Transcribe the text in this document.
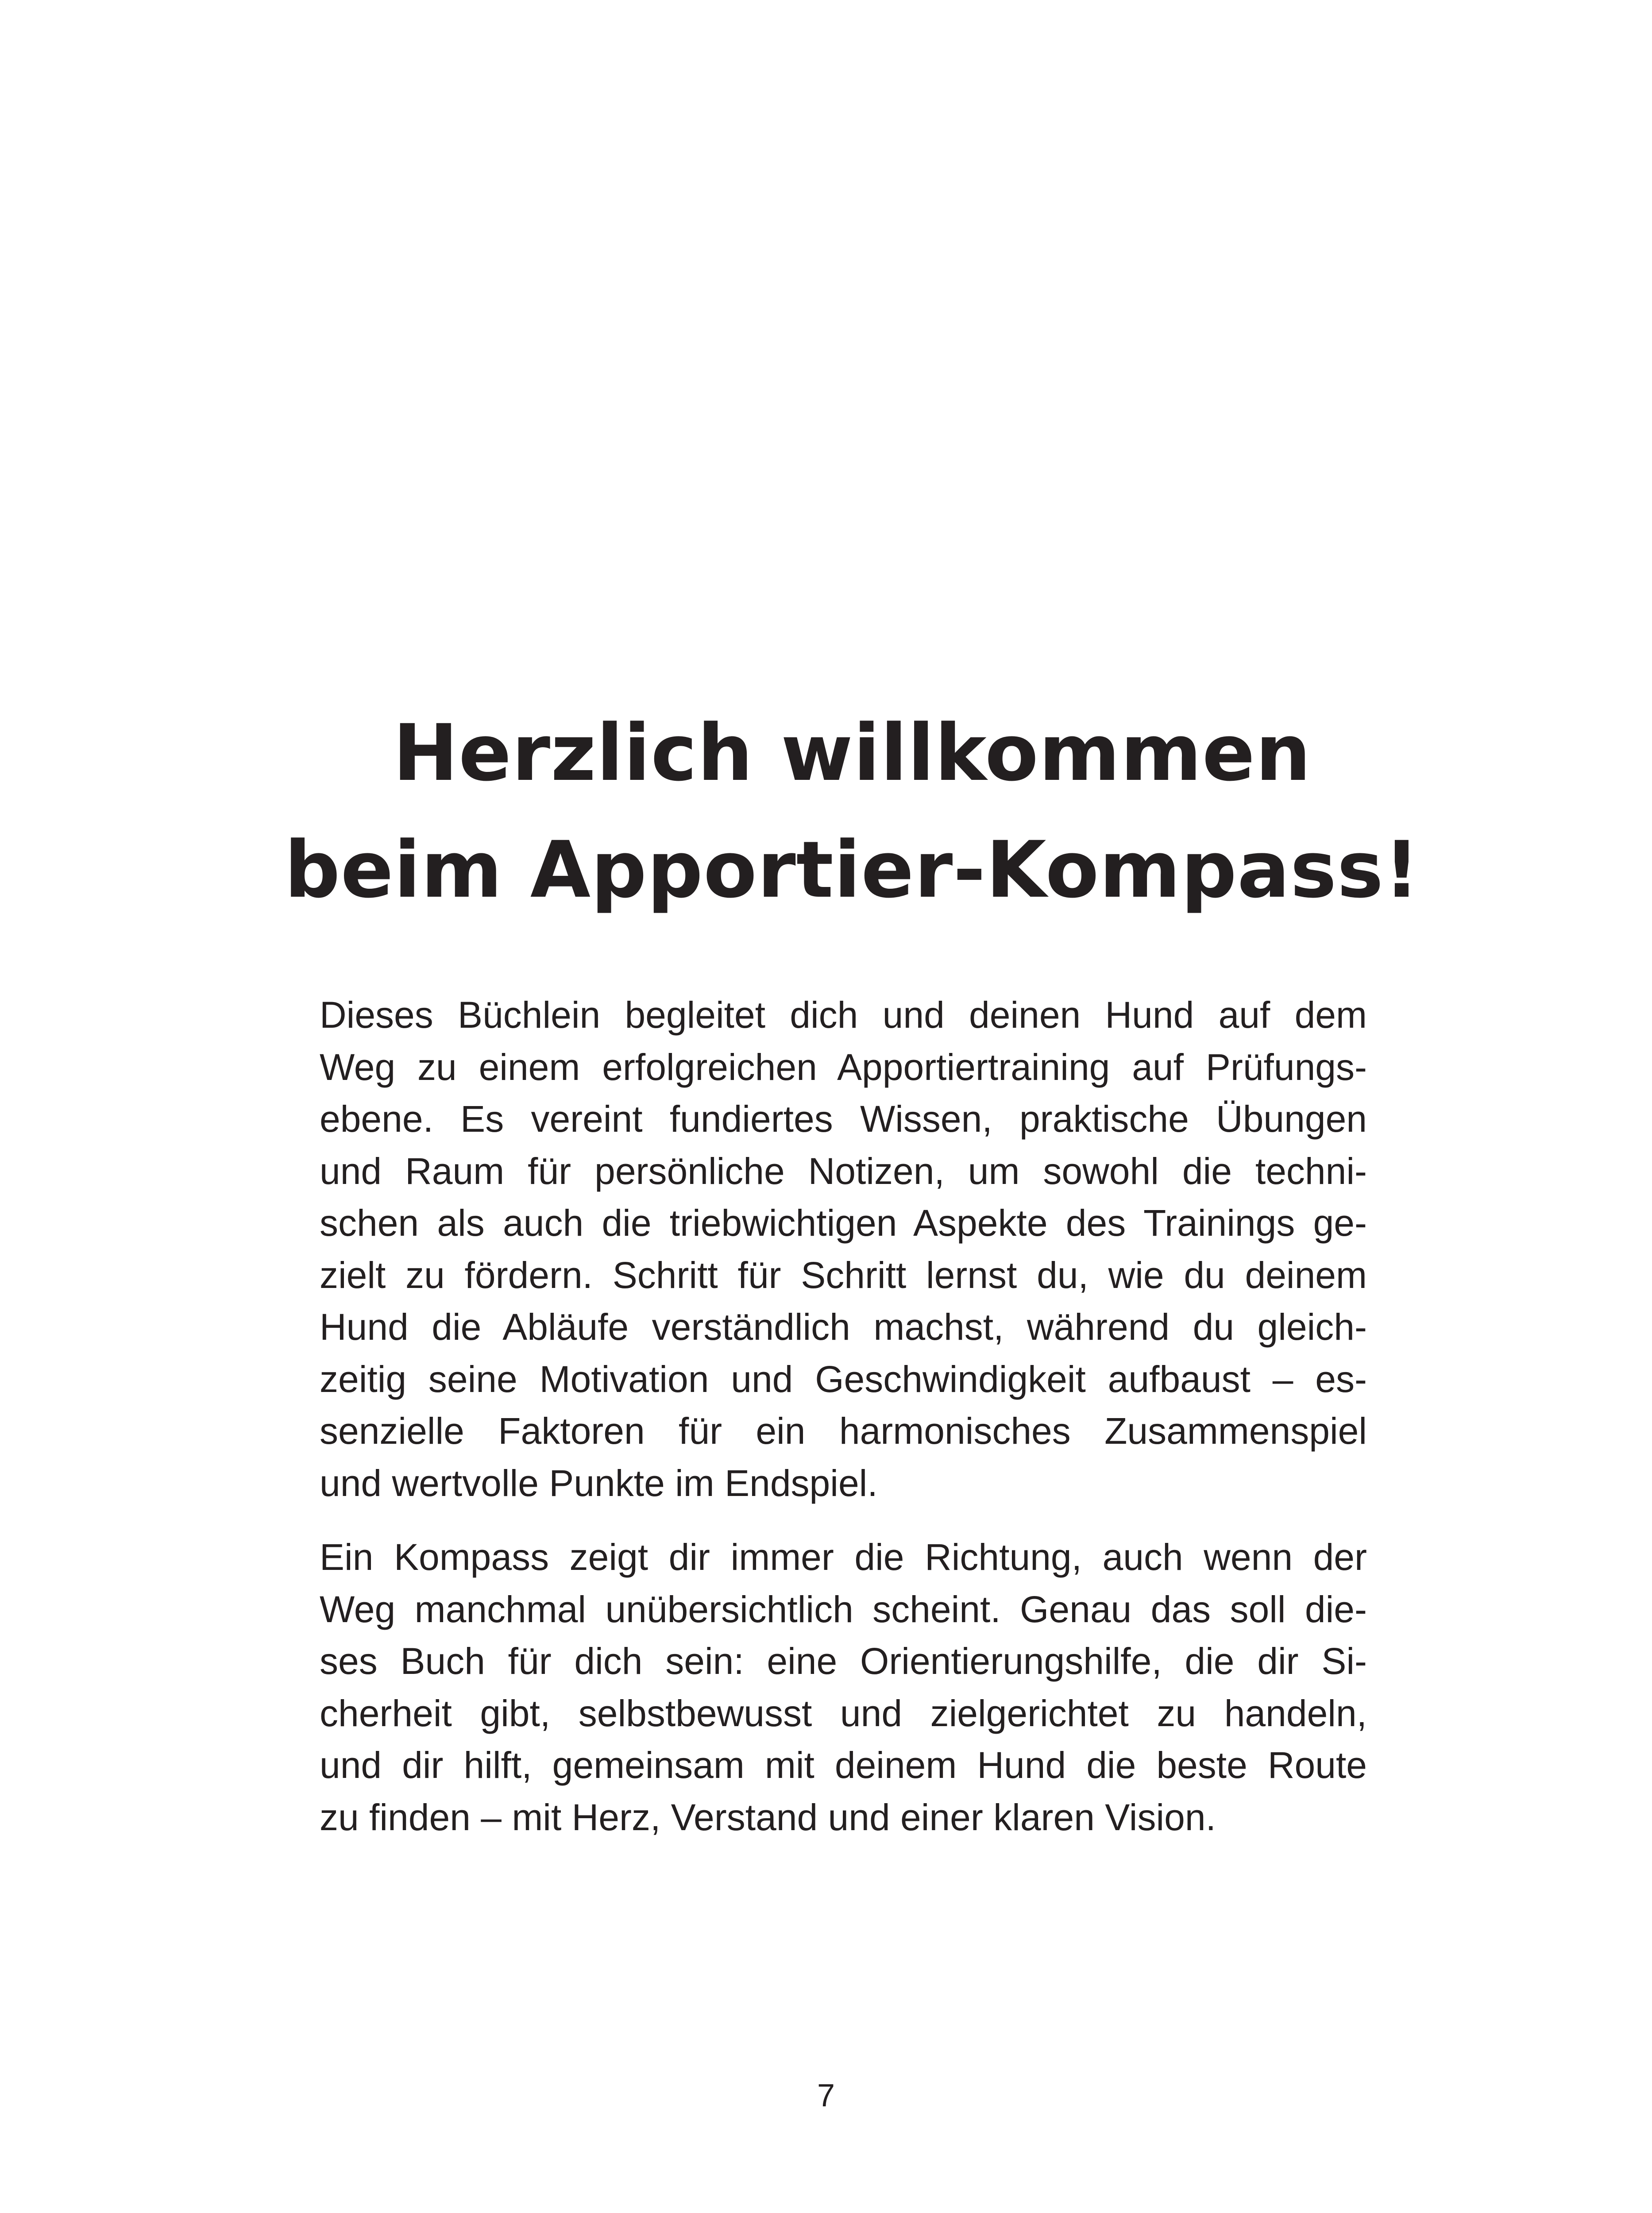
Herzlich willkommen
beim Apportier-Kompass!
Dieses Büchlein begleitet dich und deinen Hund auf dem
Weg zu einem erfolgreichen Apportiertraining auf Prüfungs-
ebene. Es vereint fundiertes Wissen, praktische Übungen
und Raum für persönliche Notizen, um sowohl die techni-
schen als auch die triebwichtigen Aspekte des Trainings ge-
zielt zu fördern. Schritt für Schritt lernst du, wie du deinem
Hund die Abläufe verständlich machst, während du gleich-
zeitig seine Motivation und Geschwindigkeit aufbaust – es-
senzielle Faktoren für ein harmonisches Zusammenspiel
und wertvolle Punkte im Endspiel.
Ein Kompass zeigt dir immer die Richtung, auch wenn der
Weg manchmal unübersichtlich scheint. Genau das soll die-
ses Buch für dich sein: eine Orientierungshilfe, die dir Si-
cherheit gibt, selbstbewusst und zielgerichtet zu handeln,
und dir hilft, gemeinsam mit deinem Hund die beste Route
zu finden – mit Herz, Verstand und einer klaren Vision.
7
